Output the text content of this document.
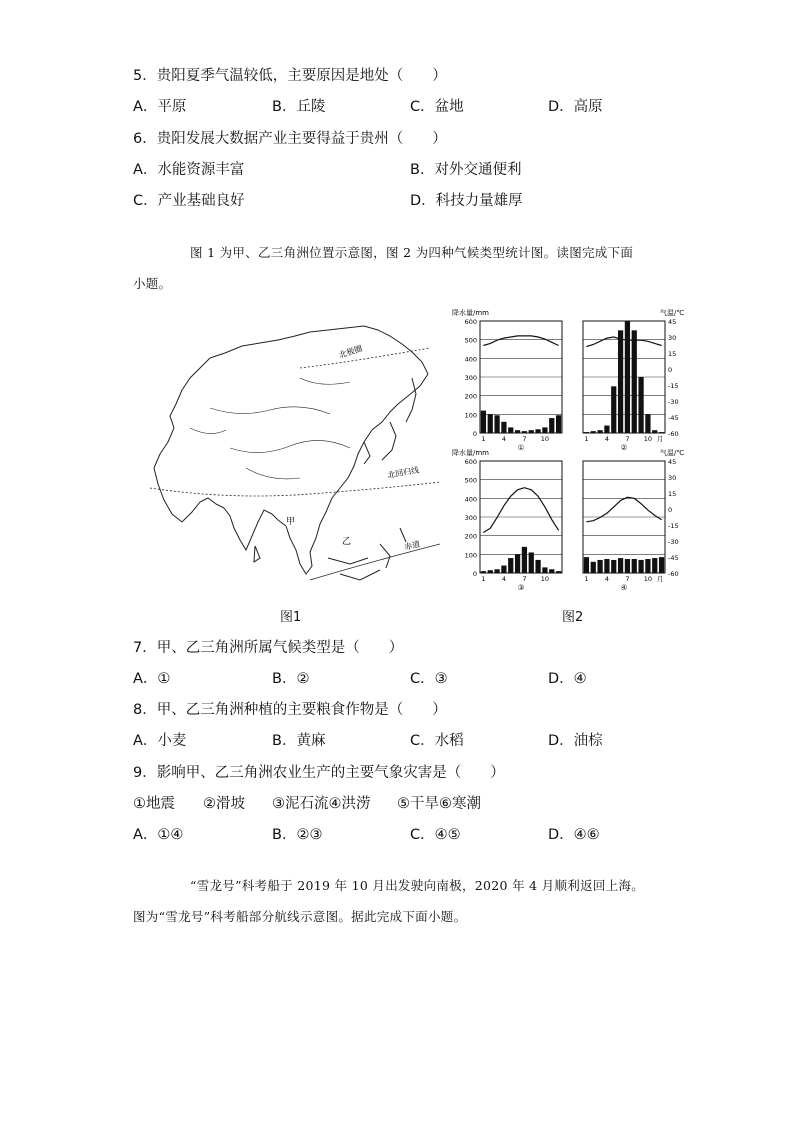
5．贵阳夏季气温较低，主要原因是地处（　　）
A．平原	B．丘陵	C．盆地	D．高原
6．贵阳发展大数据产业主要得益于贵州（　　）
A．水能资源丰富	B．对外交通便利
C．产业基础良好	D．科技力量雄厚
图 1 为甲、乙三角洲位置示意图，图 2 为四种气候类型统计图。读图完成下面
小题。
北极圈
北回归线
赤道
甲
乙
图1
降水量/mm	气温/℃
降水量/mm	气温/℃
600
500
400
300
200
100
0
1	4	7 10
①
45
30
15
0
-15
-30
-45
-60
1	4	7 10 月
②
600
500
400
300
200
100
0
1	4	7 10
③
45
30
15
0
-15
-30
-45
-60
1	4	7 10 月
④
图2
7．甲、乙三角洲所属气候类型是（　　）
A．①	B．②	C．③	D．④
8．甲、乙三角洲种植的主要粮食作物是（　　）
A．小麦	B．黄麻	C．水稻	D．油棕
9．影响甲、乙三角洲农业生产的主要气象灾害是（　　）
①地震 ②滑坡 ③泥石流④洪涝 ⑤干旱⑥寒潮
A．①④	B．②③	C．④⑤	D．④⑥
“雪龙号”科考船于 2019 年 10 月出发驶向南极，2020 年 4 月顺利返回上海。
图为“雪龙号”科考船部分航线示意图。据此完成下面小题。
